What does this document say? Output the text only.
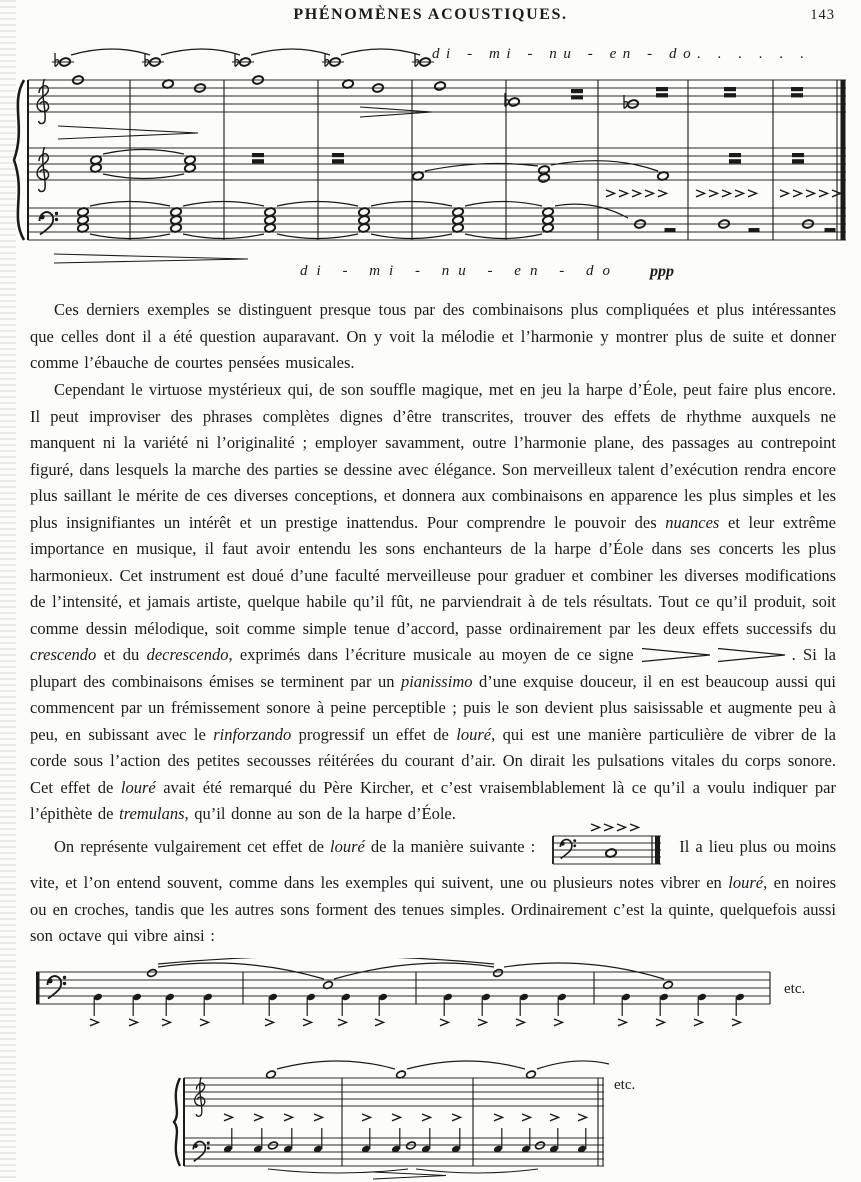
PHÉNOMÈNES ACOUSTIQUES.	143
di - mi - nu - en - do. . . . . .
di - mi - nu - en - do	ppp

Ces derniers exemples se distinguent presque tous par des combinaisons plus compliquées et plus intéressantes que celles dont il a été question auparavant. On y voit la mélodie et l’harmonie y montrer plus de suite et donner comme l’ébauche de courtes pensées musicales.

Cependant le virtuose mystérieux qui, de son souffle magique, met en jeu la harpe d’Éole, peut faire plus encore. Il peut improviser des phrases complètes dignes d’être transcrites, trouver des effets de rhythme auxquels ne manquent ni la variété ni l’originalité ; employer savamment, outre l’harmonie plane, des passages au contrepoint figuré, dans lesquels la marche des parties se dessine avec élégance. Son merveilleux talent d’exécution rendra encore plus saillant le mérite de ces diverses conceptions, et donnera aux combinaisons en apparence les plus simples et les plus insignifiantes un intérêt et un prestige inattendus. Pour comprendre le pouvoir des nuances et leur extrême importance en musique, il faut avoir entendu les sons enchanteurs de la harpe d’Éole dans ses concerts les plus harmonieux. Cet instrument est doué d’une faculté merveilleuse pour graduer et combiner les diverses modifications de l’intensité, et jamais artiste, quelque habile qu’il fût, ne parviendrait à de tels résultats. Tout ce qu’il produit, soit comme dessin mélodique, soit comme simple tenue d’accord, passe ordinairement par les deux effets successifs du crescendo et du decrescendo, exprimés dans l’écriture musicale au moyen de ce signe	. Si la plupart des combinaisons émises se terminent par un pianissimo d’une exquise douceur, il en est beaucoup aussi qui commencent par un frémissement sonore à peine perceptible ; puis le son devient plus saisissable et augmente peu à peu, en subissant avec le rinforzando progressif un effet de louré, qui est une manière particulière de vibrer de la corde sous l’action des petites secousses réitérées du courant d’air. On dirait les pulsations vitales du corps sonore. Cet effet de louré avait été remarqué du Père Kircher, et c’est vraisemblablement là ce qu’il a voulu indiquer par l’épithète de tremulans, qu’il donne au son de la harpe d’Éole.

On représente vulgairement cet effet de louré de la manière suivante :	Il a lieu plus ou moins vite, et l’on entend souvent, comme dans les exemples qui suivent, une ou plusieurs notes vibrer en louré, en noires ou en croches, tandis que les autres sons forment des tenues simples. Ordinairement c’est la quinte, quelquefois aussi son octave qui vibre ainsi :

etc.
etc.
